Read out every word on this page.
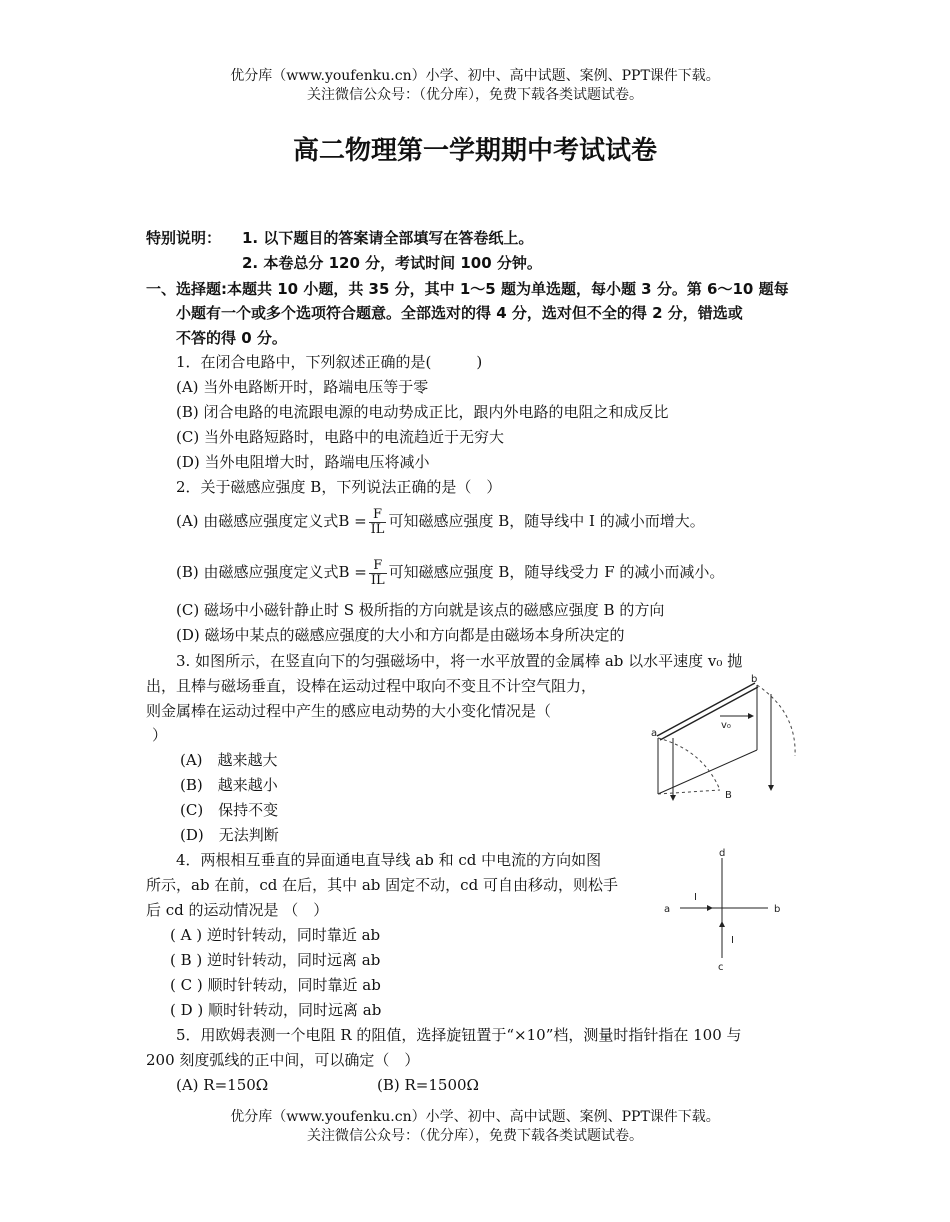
优分库（www.youfenku.cn）小学、初中、高中试题、案例、PPT课件下载。
关注微信公众号：（优分库），免费下载各类试题试卷。
高二物理第一学期期中考试试卷
特别说明： 1. 以下题目的答案请全部填写在答卷纸上。
2. 本卷总分 120 分，考试时间 100 分钟。
一、选择题:本题共 10 小题，共 35 分，其中 1～5 题为单选题，每小题 3 分。第 6～10 题每
小题有一个或多个选项符合题意。全部选对的得 4 分，选对但不全的得 2 分，错选或
不答的得 0 分。
1．在闭合电路中，下列叙述正确的是(　　　)
(A) 当外电路断开时，路端电压等于零
(B) 闭合电路的电流跟电源的电动势成正比，跟内外电路的电阻之和成反比
(C) 当外电路短路时，电路中的电流趋近于无穷大
(D) 当外电阻增大时，路端电压将减小
2．关于磁感应强度 B，下列说法正确的是（　）
(A) 由磁感应强度定义式$B = \frac{F}{IL}$ 可知磁感应强度 B，随导线中 I 的减小而增大。
(B) 由磁感应强度定义式$B = \frac{F}{IL}$ 可知磁感应强度 B，随导线受力 F 的减小而减小。
(C) 磁场中小磁针静止时 S 极所指的方向就是该点的磁感应强度 B 的方向
(D) 磁场中某点的磁感应强度的大小和方向都是由磁场本身所决定的
3. 如图所示，在竖直向下的匀强磁场中，将一水平放置的金属棒 ab 以水平速度 v₀ 抛
出，且棒与磁场垂直，设棒在运动过程中取向不变且不计空气阻力，
则金属棒在运动过程中产生的感应电动势的大小变化情况是（
）
(A)　越来越大
(B)　越来越小
(C)　保持不变
(D)　无法判断
a
b
v₀
B
4．两根相互垂直的异面通电直导线 ab 和 cd 中电流的方向如图
所示，ab 在前，cd 在后，其中 ab 固定不动，cd 可自由移动，则松手
后 cd 的运动情况是 （　）
( A ) 逆时针转动，同时靠近 ab
( B ) 逆时针转动，同时远离 ab
( C ) 顺时针转动，同时靠近 ab
( D ) 顺时针转动，同时远离 ab
a	b
c
d
I
I
5．用欧姆表测一个电阻 R 的阻值，选择旋钮置于“×10”档，测量时指针指在 100 与
200 刻度弧线的正中间，可以确定（　）
(A) R=150Ω	(B) R=1500Ω
优分库（www.youfenku.cn）小学、初中、高中试题、案例、PPT课件下载。
关注微信公众号：（优分库），免费下载各类试题试卷。
